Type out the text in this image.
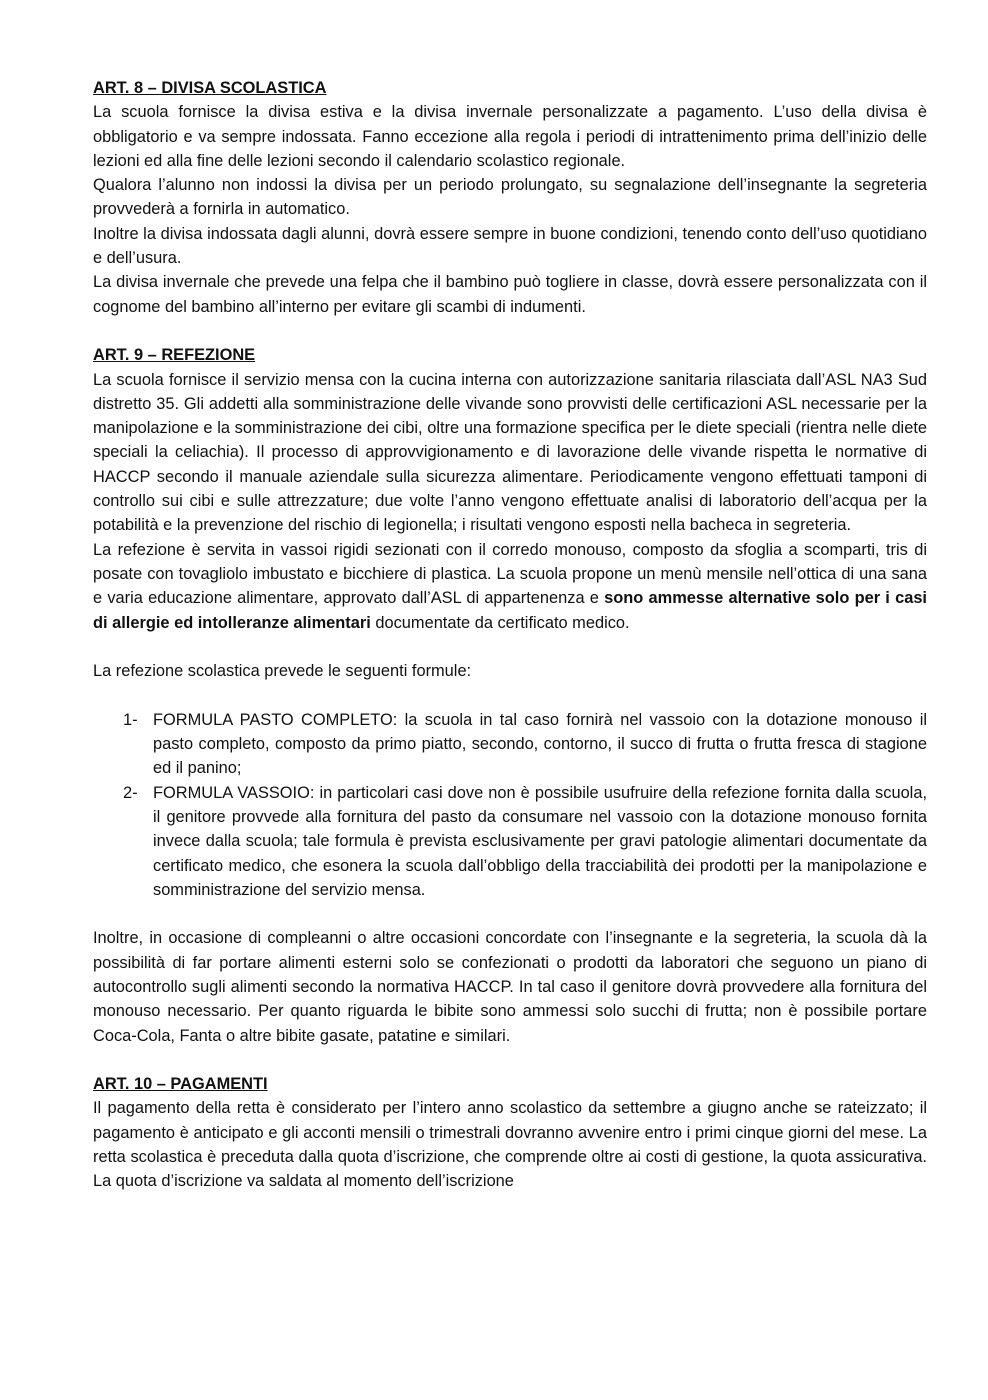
ART. 8 – DIVISA SCOLASTICA

La scuola fornisce la divisa estiva e la divisa invernale personalizzate a pagamento. L’uso della divisa è obbligatorio e va sempre indossata. Fanno eccezione alla regola i periodi di intrattenimento prima dell’inizio delle lezioni ed alla fine delle lezioni secondo il calendario scolastico regionale.

Qualora l’alunno non indossi la divisa per un periodo prolungato, su segnalazione dell’insegnante la segreteria provvederà a fornirla in automatico.

Inoltre la divisa indossata dagli alunni, dovrà essere sempre in buone condizioni, tenendo conto dell’uso quotidiano e dell’usura.

La divisa invernale che prevede una felpa che il bambino può togliere in classe, dovrà essere personalizzata con il cognome del bambino all’interno per evitare gli scambi di indumenti.

ART. 9 – REFEZIONE

La scuola fornisce il servizio mensa con la cucina interna con autorizzazione sanitaria rilasciata dall’ASL NA3 Sud distretto 35. Gli addetti alla somministrazione delle vivande sono provvisti delle certificazioni ASL necessarie per la manipolazione e la somministrazione dei cibi, oltre una formazione specifica per le diete speciali (rientra nelle diete speciali la celiachia). Il processo di approvvigionamento e di lavorazione delle vivande rispetta le normative di HACCP secondo il manuale aziendale sulla sicurezza alimentare. Periodicamente vengono effettuati tamponi di controllo sui cibi e sulle attrezzature; due volte l’anno vengono effettuate analisi di laboratorio dell’acqua per la potabilità e la prevenzione del rischio di legionella; i risultati vengono esposti nella bacheca in segreteria.

La refezione è servita in vassoi rigidi sezionati con il corredo monouso, composto da sfoglia a scomparti, tris di posate con tovagliolo imbustato e bicchiere di plastica. La scuola propone un menù mensile nell’ottica di una sana e varia educazione alimentare, approvato dall’ASL di appartenenza e sono ammesse alternative solo per i casi di allergie ed intolleranze alimentari documentate da certificato medico.

La refezione scolastica prevede le seguenti formule:

1- FORMULA PASTO COMPLETO: la scuola in tal caso fornirà nel vassoio con la dotazione monouso il pasto completo, composto da primo piatto, secondo, contorno, il succo di frutta o frutta fresca di stagione ed il panino;
2- FORMULA VASSOIO: in particolari casi dove non è possibile usufruire della refezione fornita dalla scuola, il genitore provvede alla fornitura del pasto da consumare nel vassoio con la dotazione monouso fornita invece dalla scuola; tale formula è prevista esclusivamente per gravi patologie alimentari documentate da certificato medico, che esonera la scuola dall’obbligo della tracciabilità dei prodotti per la manipolazione e somministrazione del servizio mensa.

Inoltre, in occasione di compleanni o altre occasioni concordate con l’insegnante e la segreteria, la scuola dà la possibilità di far portare alimenti esterni solo se confezionati o prodotti da laboratori che seguono un piano di autocontrollo sugli alimenti secondo la normativa HACCP. In tal caso il genitore dovrà provvedere alla fornitura del monouso necessario. Per quanto riguarda le bibite sono ammessi solo succhi di frutta; non è possibile portare Coca-Cola, Fanta o altre bibite gasate, patatine e similari.

ART. 10 – PAGAMENTI

Il pagamento della retta è considerato per l’intero anno scolastico da settembre a giugno anche se rateizzato; il pagamento è anticipato e gli acconti mensili o trimestrali dovranno avvenire entro i primi cinque giorni del mese. La retta scolastica è preceduta dalla quota d’iscrizione, che comprende oltre ai costi di gestione, la quota assicurativa. La quota d’iscrizione va saldata al momento dell’iscrizione
